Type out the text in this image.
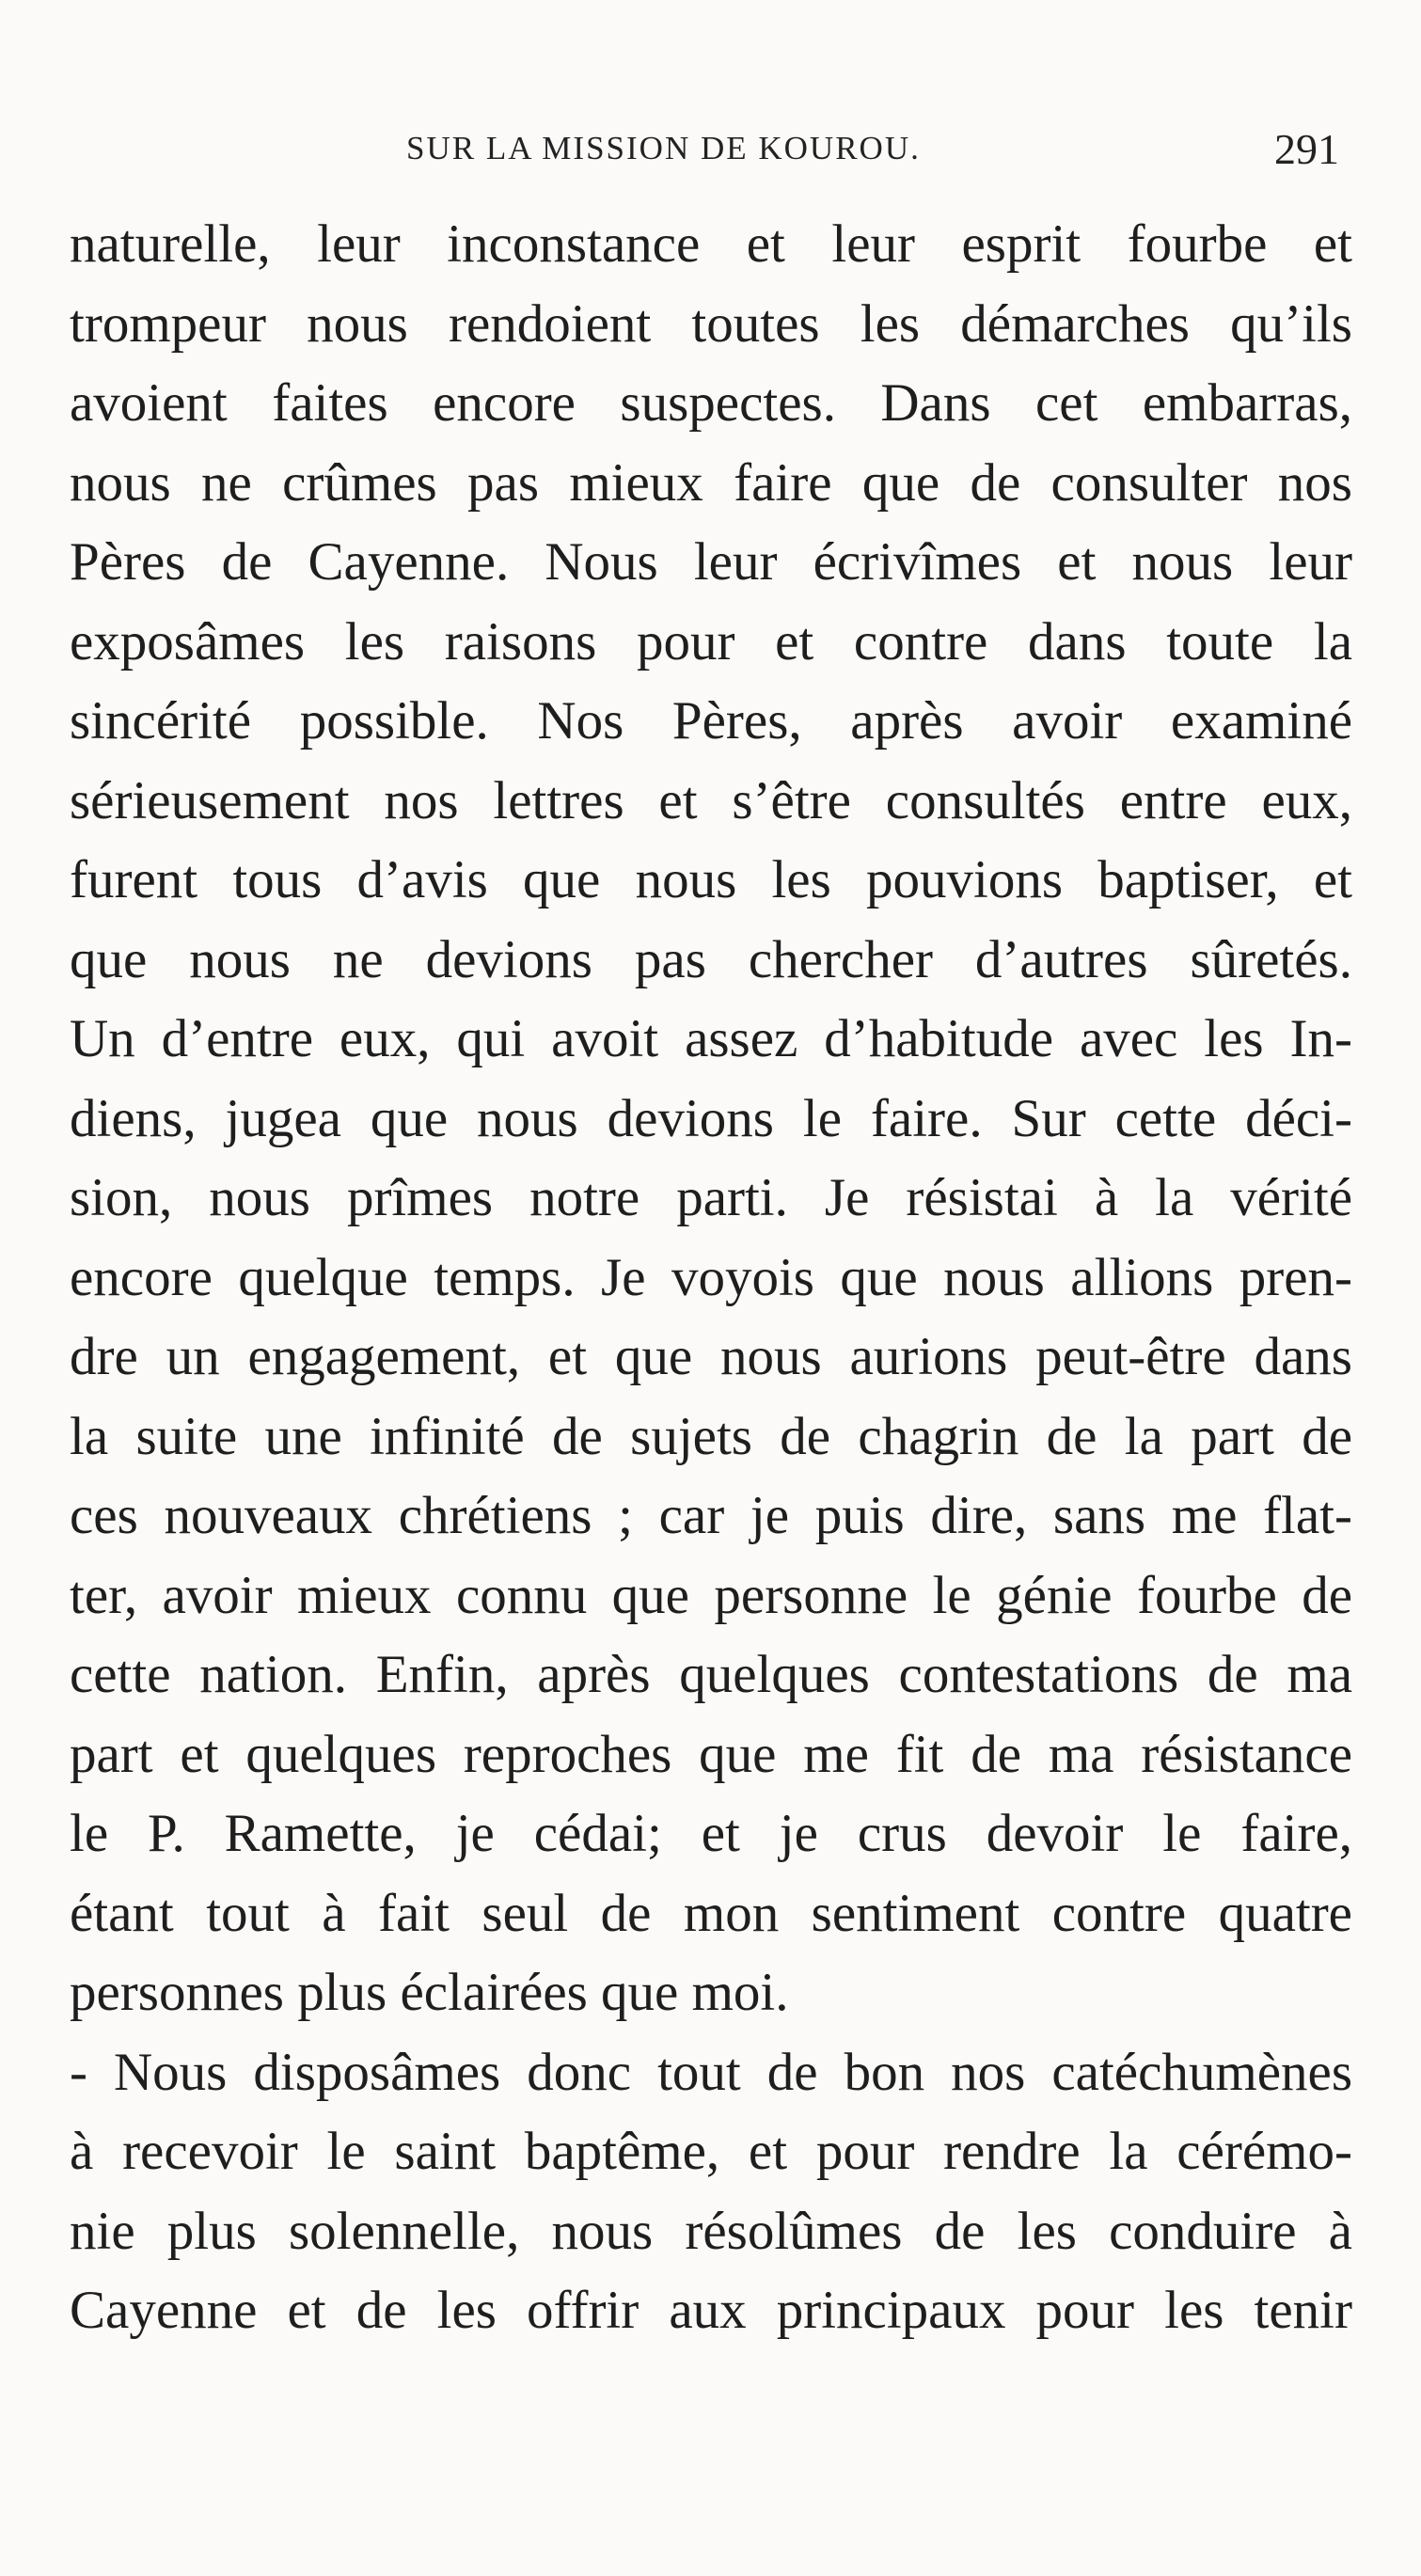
SUR LA MISSION DE KOUROU.	291
naturelle, leur inconstance et leur esprit fourbe et
trompeur nous rendoient toutes les démarches qu’ils
avoient faites encore suspectes. Dans cet embarras,
nous ne crûmes pas mieux faire que de consulter nos
Pères de Cayenne. Nous leur écrivîmes et nous leur
exposâmes les raisons pour et contre dans toute la
sincérité possible. Nos Pères, après avoir examiné
sérieusement nos lettres et s’être consultés entre eux,
furent tous d’avis que nous les pouvions baptiser, et
que nous ne devions pas chercher d’autres sûretés.
Un d’entre eux, qui avoit assez d’habitude avec les In-
diens, jugea que nous devions le faire. Sur cette déci-
sion, nous prîmes notre parti. Je résistai à la vérité
encore quelque temps. Je voyois que nous allions pren-
dre un engagement, et que nous aurions peut-être dans
la suite une infinité de sujets de chagrin de la part de
ces nouveaux chrétiens ; car je puis dire, sans me flat-
ter, avoir mieux connu que personne le génie fourbe de
cette nation. Enfin, après quelques contestations de ma
part et quelques reproches que me fit de ma résistance
le P. Ramette, je cédai; et je crus devoir le faire,
étant tout à fait seul de mon sentiment contre quatre
personnes plus éclairées que moi.
- Nous disposâmes donc tout de bon nos catéchumènes
à recevoir le saint baptême, et pour rendre la cérémo-
nie plus solennelle, nous résolûmes de les conduire à
Cayenne et de les offrir aux principaux pour les tenir
